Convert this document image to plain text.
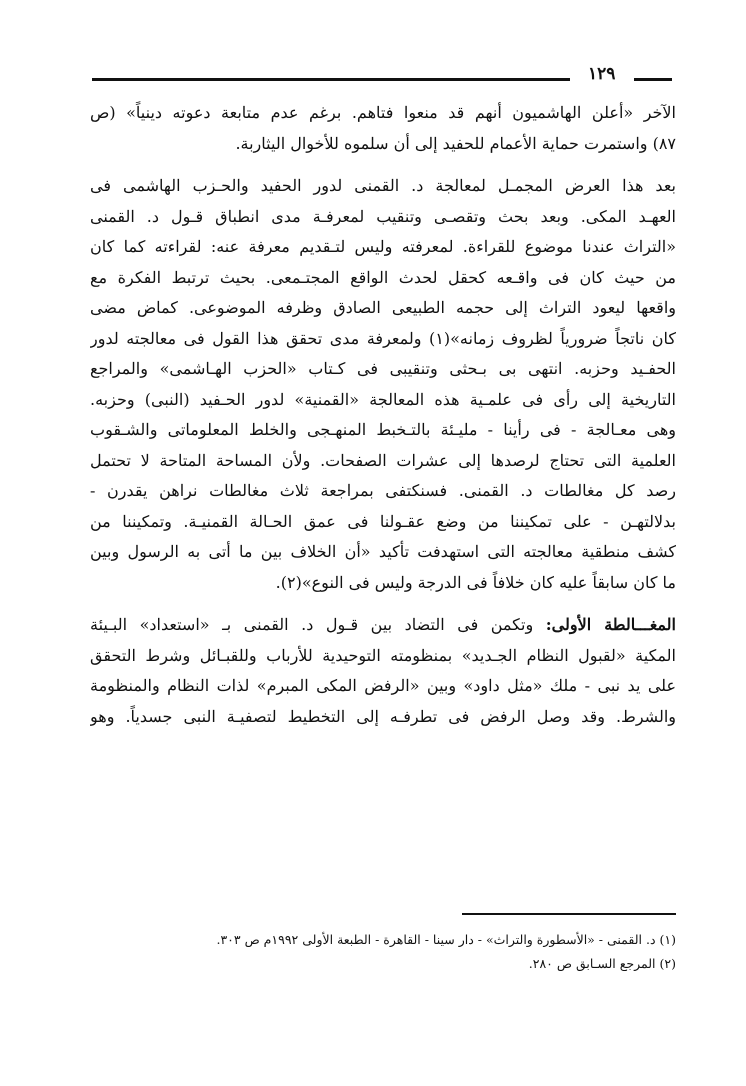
١٢٩
الآخر «أعلن الهاشميون أنهم قد منعوا فتاهم. برغم عدم متابعة دعوته دينياً» (ص
٨٧) واستمرت حماية الأعمام للحفيد إلى أن سلموه للأخوال اليثاربة.
بعد هذا العرض المجمـل لمعالجة د. القمنى لدور الحفيد والحـزب الهاشمى فى
العهـد المكى. وبعد بحث وتقصـى وتنقيب لمعرفـة مدى انطباق قـول د. القمنى
«التراث عندنا موضوع للقراءة. لمعرفته وليس لتـقديم معرفة عنه: لقراءته كما كان
من حيث كان فى واقـعه كحقل لحدث الواقع المجتـمعى. بحيث ترتبط الفكرة مع
واقعها ليعود التراث إلى حجمه الطبيعى الصادق وظرفه الموضوعى. كماض مضى
كان ناتجاً ضرورياً لظروف زمانه»(١) ولمعرفة مدى تحقق هذا القول فى معالجته لدور
الحفـيد وحزبه. انتهى بى بـحثى وتنقيبى فى كـتاب «الحزب الهـاشمى» والمراجع
التاريخية إلى رأى فى علمـية هذه المعالجة «القمنية» لدور الحـفيد (النبى) وحزبه.
وهى معـالجة - فى رأينا - مليـئة بالتـخبط المنهـجى والخلط المعلوماتى والشـقوب
العلمية التى تحتاج لرصدها إلى عشرات الصفحات. ولأن المساحة المتاحة لا تحتمل
رصد كل مغالطات د. القمنى. فسنكتفى بمراجعة ثلاث مغالطات نراهن يقدرن -
بدلالتهـن - على تمكيننا من وضع عقـولنا فى عمق الحـالة القمنيـة. وتمكيننا من
كشف منطقية معالجته التى استهدفت تأكيد «أن الخلاف بين ما أتى به الرسول وبين
ما كان سابقاً عليه كان خلافاً فى الدرجة وليس فى النوع»(٢).
المغـــالطة الأولى: وتكمن فى التضاد بين قـول د. القمنى بـ «استعداد» البـيئة
المكية «لقبول النظام الجـديد» بمنظومته التوحيدية للأرباب وللقبـائل وشرط التحقق
على يد نبى - ملك «مثل داود» وبين «الرفض المكى المبرم» لذات النظام والمنظومة
والشرط. وقد وصل الرفض فى تطرفـه إلى التخطيط لتصفيـة النبى جسدياً. وهو
(١) د. القمنى - «الأسطورة والتراث» - دار سينا - القاهرة - الطبعة الأولى ١٩٩٢م ص ٣٠٣.
(٢) المرجع السـابق ص ٢٨٠.
